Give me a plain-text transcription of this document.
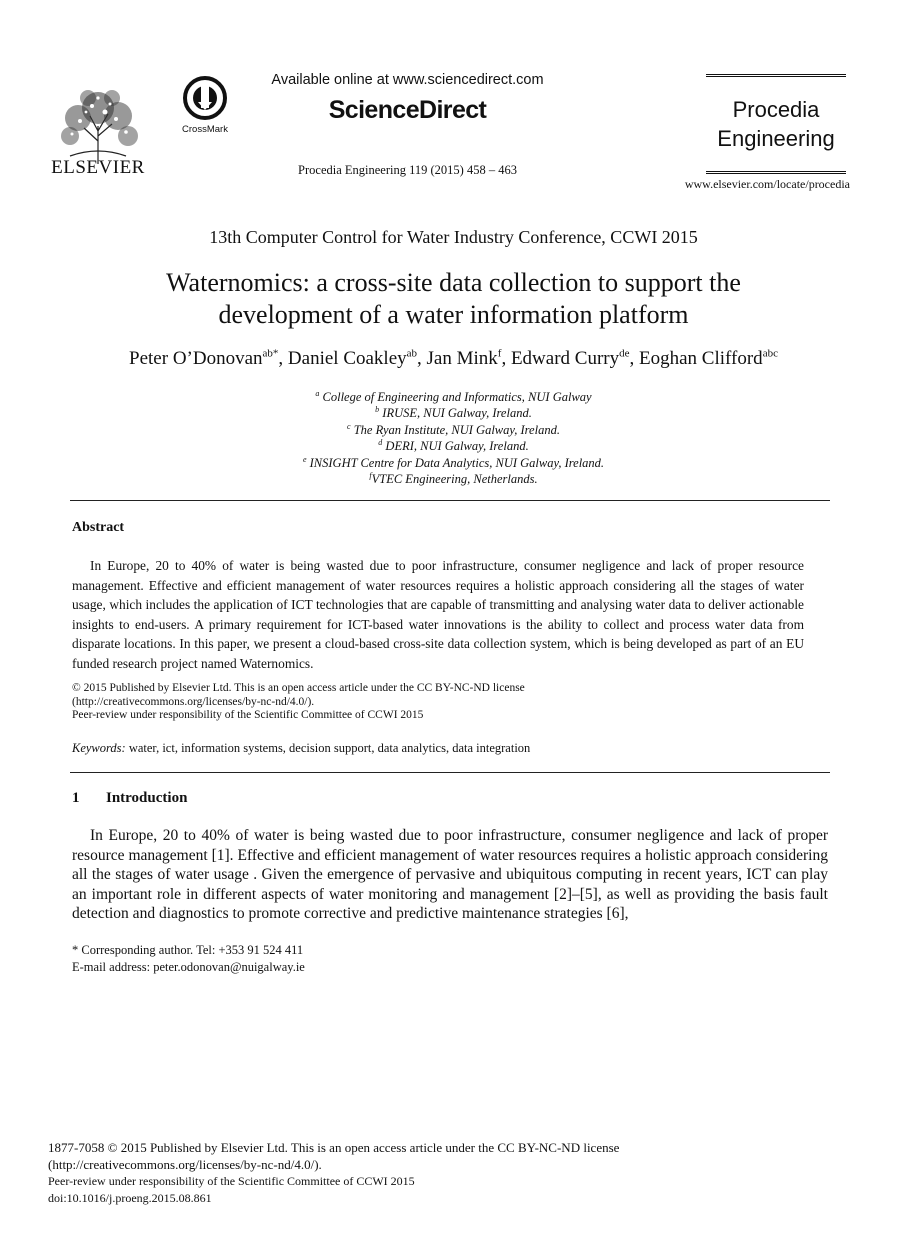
ELSEVIER
CrossMark
Available online at www.sciencedirect.com
ScienceDirect
Procedia Engineering 119 (2015) 458 – 463
Procedia
Engineering
www.elsevier.com/locate/procedia
13th Computer Control for Water Industry Conference, CCWI 2015
Waternomics: a cross-site data collection to support the
development of a water information platform
Peter O’Donovan$^{ab*}$, Daniel Coakley$^{ab}$, Jan Mink$^f$, Edward Curry$^{de}$, Eoghan Clifford$^{abc}$
$^a$ College of Engineering and Informatics, NUI Galway
$^b$ IRUSE, NUI Galway, Ireland.
$^c$ The Ryan Institute, NUI Galway, Ireland.
$^d$ DERI, NUI Galway, Ireland.
$^e$ INSIGHT Centre for Data Analytics, NUI Galway, Ireland.
$^f$VTEC Engineering, Netherlands.
Abstract
In Europe, 20 to 40% of water is being wasted due to poor infrastructure, consumer negligence and lack of proper resource management. Effective and efficient management of water resources requires a holistic approach considering all the stages of water usage, which includes the application of ICT technologies that are capable of transmitting and analysing water data to deliver actionable insights to end-users. A primary requirement for ICT-based water innovations is the ability to collect and process water data from disparate locations. In this paper, we present a cloud-based cross-site data collection system, which is being developed as part of an EU funded research project named Waternomics.
© 2015 Published by Elsevier Ltd. This is an open access article under the CC BY-NC-ND license
(http://creativecommons.org/licenses/by-nc-nd/4.0/).
Peer-review under responsibility of the Scientific Committee of CCWI 2015
Keywords: water, ict, information systems, decision support, data analytics, data integration
1 Introduction
In Europe, 20 to 40% of water is being wasted due to poor infrastructure, consumer negligence and lack of proper resource management [1]. Effective and efficient management of water resources requires a holistic approach considering all the stages of water usage . Given the emergence of pervasive and ubiquitous computing in recent years, ICT can play an important role in different aspects of water monitoring and management [2]–[5], as well as providing the basis fault detection and diagnostics to promote corrective and predictive maintenance strategies [6],
* Corresponding author. Tel: +353 91 524 411
E-mail address: peter.odonovan@nuigalway.ie
1877-7058 © 2015 Published by Elsevier Ltd. This is an open access article under the CC BY-NC-ND license
(http://creativecommons.org/licenses/by-nc-nd/4.0/).
Peer-review under responsibility of the Scientific Committee of CCWI 2015
doi:10.1016/j.proeng.2015.08.861
